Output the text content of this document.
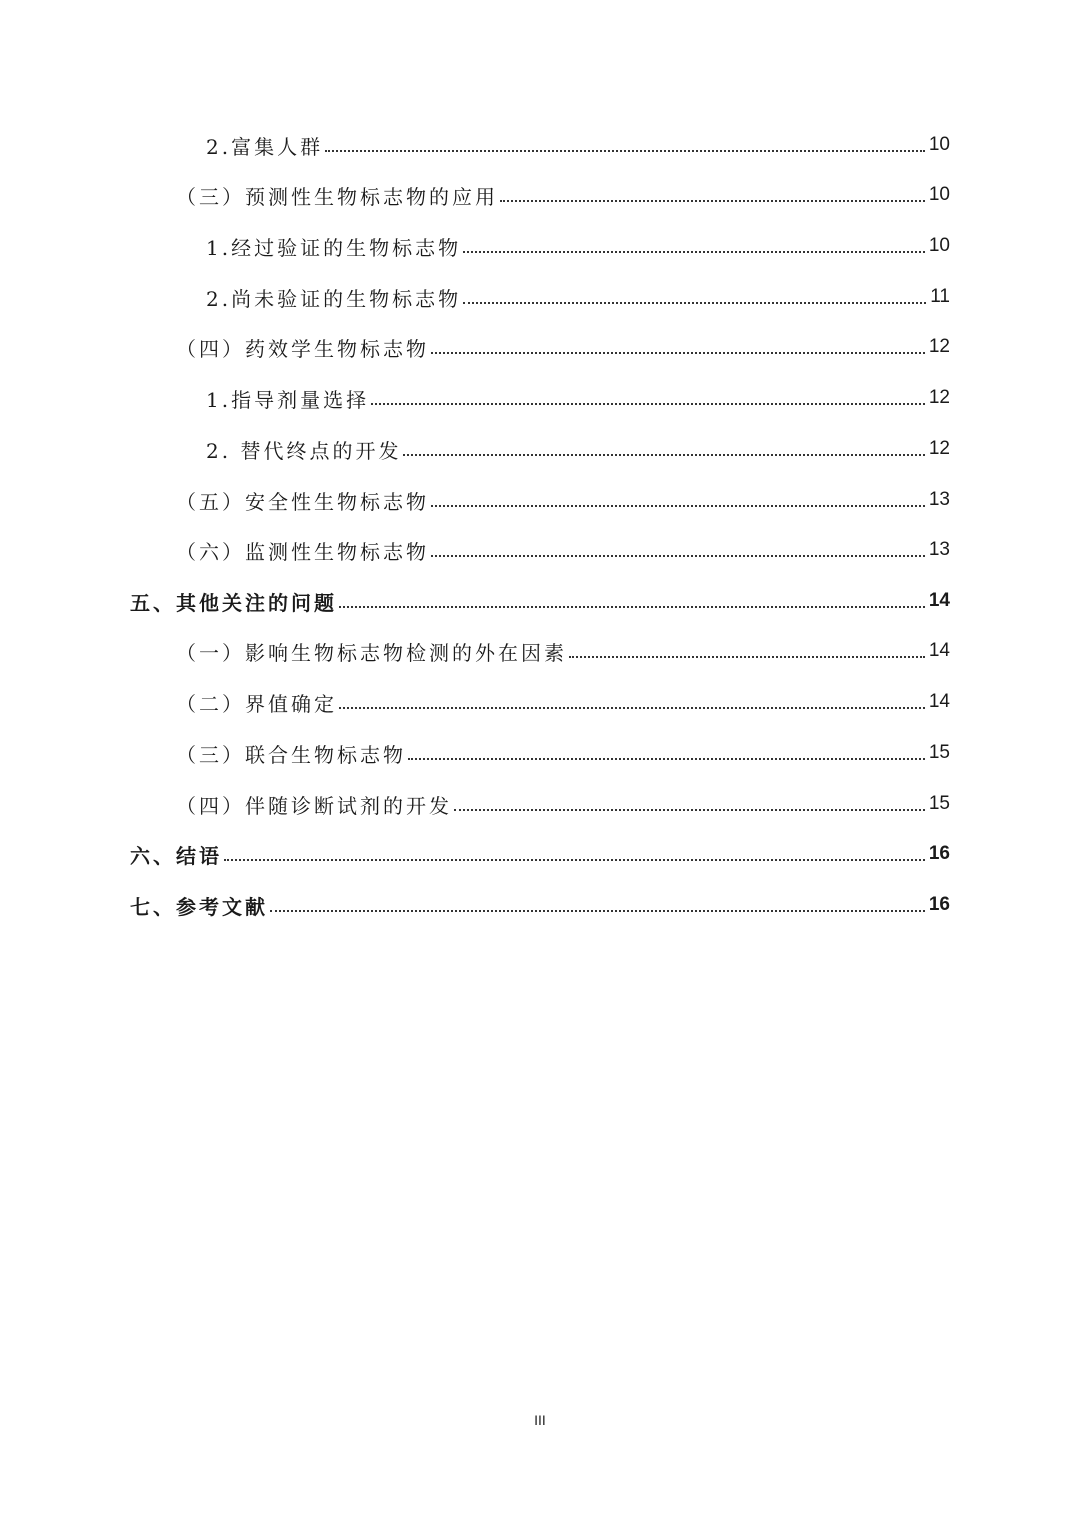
2.富集人群	10
（三）预测性生物标志物的应用	10
1.经过验证的生物标志物	10
2.尚未验证的生物标志物	11
（四）药效学生物标志物	12
1.指导剂量选择	12
2. 替代终点的开发	12
（五）安全性生物标志物	13
（六）监测性生物标志物	13
五、其他关注的问题	14
（一）影响生物标志物检测的外在因素	14
（二）界值确定	14
（三）联合生物标志物	15
（四）伴随诊断试剂的开发	15
六、结语	16
七、参考文献	16
III
